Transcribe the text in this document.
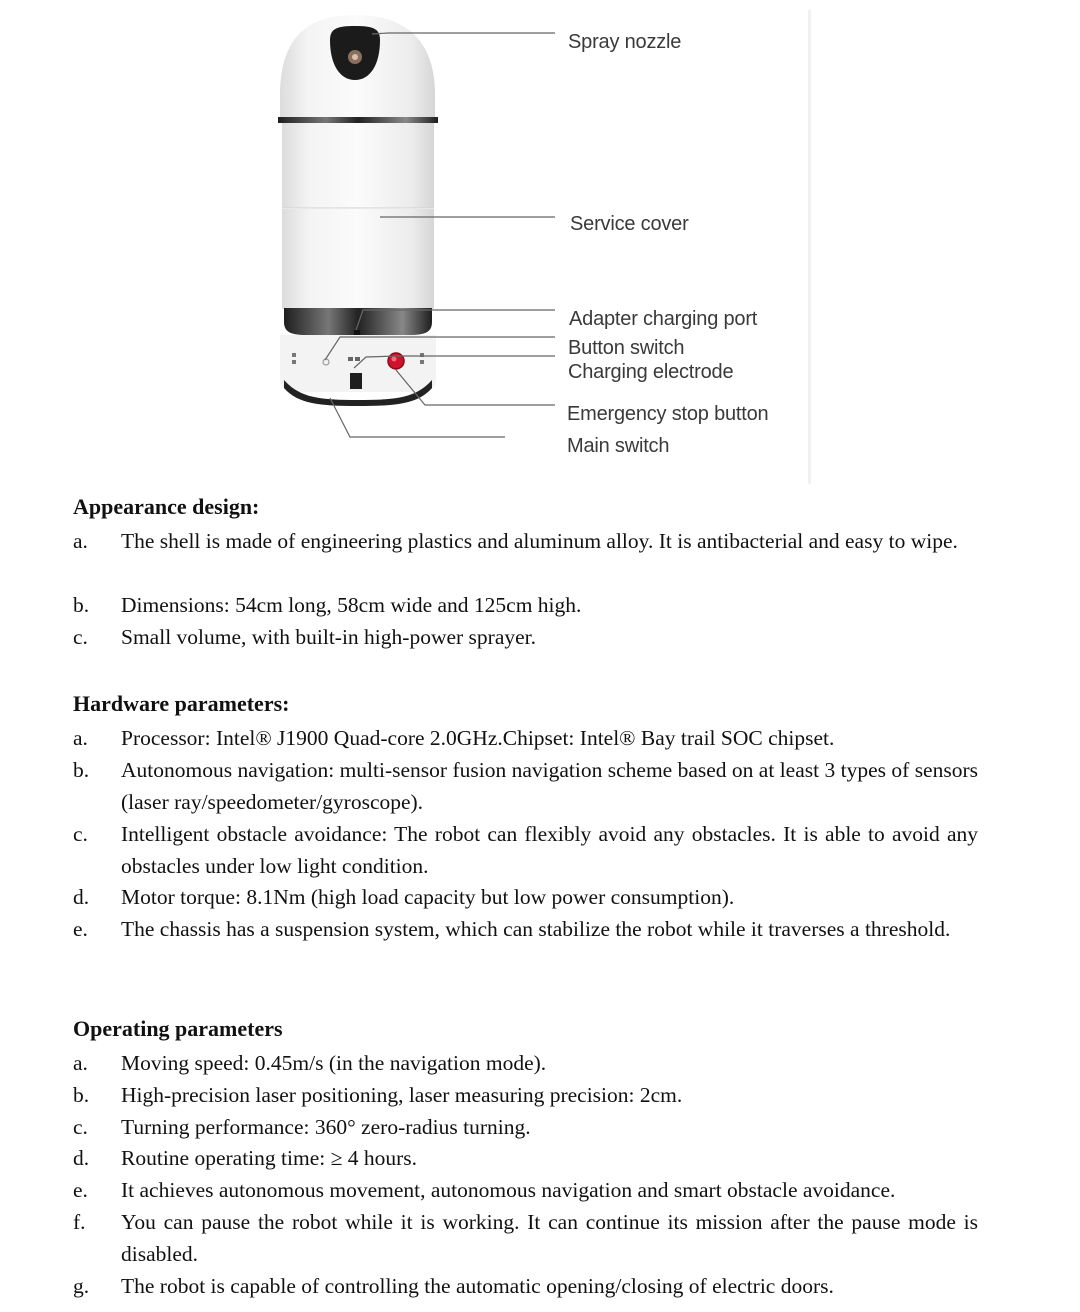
Spray nozzle
Service cover
Adapter charging port
Button switch
Charging electrode
Emergency stop button
Main switch
Appearance design:
a.	The shell is made of engineering plastics and aluminum alloy. It is antibacterial and easy to wipe.
b.	Dimensions: 54cm long, 58cm wide and 125cm high.
c.	Small volume, with built-in high-power sprayer.
Hardware parameters:
a.	Processor: Intel® J1900 Quad-core 2.0GHz.Chipset: Intel® Bay trail SOC chipset.
b.	Autonomous navigation: multi-sensor fusion navigation scheme based on at least 3 types of sensors (laser ray/speedometer/gyroscope).
c.	Intelligent obstacle avoidance: The robot can flexibly avoid any obstacles. It is able to avoid any obstacles under low light condition.
d.	Motor torque: 8.1Nm (high load capacity but low power consumption).
e.	The chassis has a suspension system, which can stabilize the robot while it traverses a threshold.
Operating parameters
a.	Moving speed: 0.45m/s (in the navigation mode).
b.	High-precision laser positioning, laser measuring precision: 2cm.
c.	Turning performance: 360° zero-radius turning.
d.	Routine operating time: ≥ 4 hours.
e.	It achieves autonomous movement, autonomous navigation and smart obstacle avoidance.
f.	You can pause the robot while it is working. It can continue its mission after the pause mode is disabled.
g.	The robot is capable of controlling the automatic opening/closing of electric doors.
